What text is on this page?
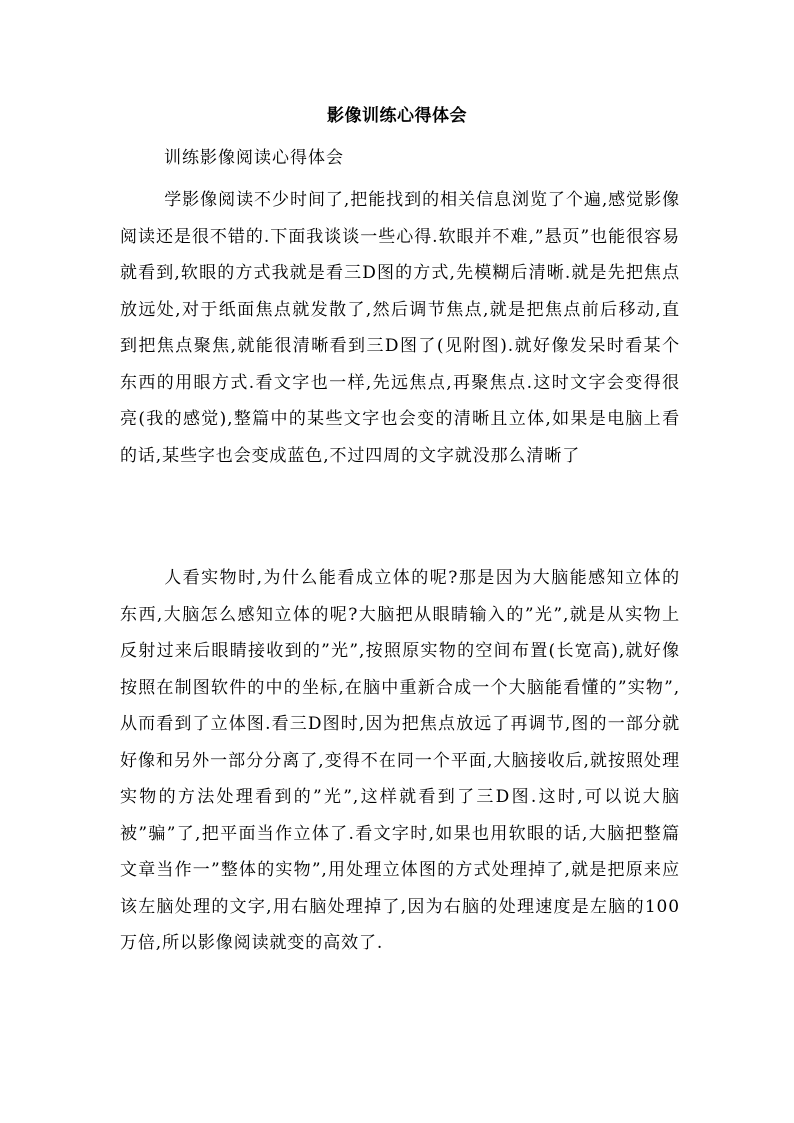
影像训练心得体会
训练影像阅读心得体会

学影像阅读不少时间了,把能找到的相关信息浏览了个遍,感觉影像阅读还是很不错的.下面我谈谈一些心得.软眼并不难,”悬页”也能很容易就看到,软眼的方式我就是看三D图的方式,先模糊后清晰.就是先把焦点放远处,对于纸面焦点就发散了,然后调节焦点,就是把焦点前后移动,直到把焦点聚焦,就能很清晰看到三D图了(见附图).就好像发呆时看某个东西的用眼方式.看文字也一样,先远焦点,再聚焦点.这时文字会变得很亮(我的感觉),整篇中的某些文字也会变的清晰且立体,如果是电脑上看的话,某些字也会变成蓝色,不过四周的文字就没那么清晰了

人看实物时,为什么能看成立体的呢?那是因为大脑能感知立体的东西,大脑怎么感知立体的呢?大脑把从眼睛输入的”光”,就是从实物上反射过来后眼睛接收到的”光”,按照原实物的空间布置(长宽高),就好像按照在制图软件的中的坐标,在脑中重新合成一个大脑能看懂的”实物”,从而看到了立体图.看三D图时,因为把焦点放远了再调节,图的一部分就好像和另外一部分分离了,变得不在同一个平面,大脑接收后,就按照处理实物的方法处理看到的”光”,这样就看到了三D图.这时,可以说大脑被”骗”了,把平面当作立体了.看文字时,如果也用软眼的话,大脑把整篇文章当作一”整体的实物”,用处理立体图的方式处理掉了,就是把原来应该左脑处理的文字,用右脑处理掉了,因为右脑的处理速度是左脑的100万倍,所以影像阅读就变的高效了.
